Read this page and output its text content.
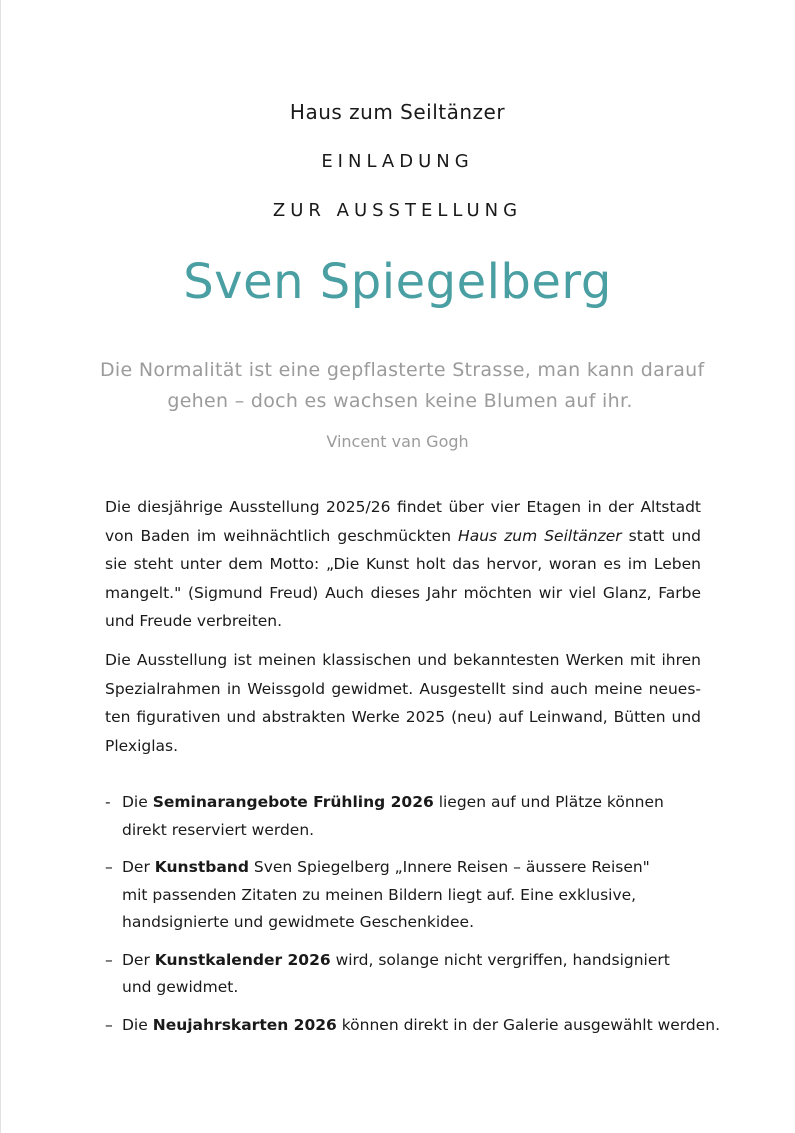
Haus zum Seiltänzer
EINLADUNG
ZUR AUSSTELLUNG
Sven Spiegelberg
Die Normalität ist eine gepflasterte Strasse, man kann darauf
gehen – doch es wachsen keine Blumen auf ihr.
Vincent van Gogh
Die diesjährige Ausstellung 2025/26 findet über vier Etagen in der Altstadt
von Baden im weihnächtlich geschmückten Haus zum Seiltänzer statt und
sie steht unter dem Motto: „Die Kunst holt das hervor, woran es im Leben
mangelt." (Sigmund Freud) Auch dieses Jahr möchten wir viel Glanz, Farbe
und Freude verbreiten.
Die Ausstellung ist meinen klassischen und bekanntesten Werken mit ihren
Spezialrahmen in Weissgold gewidmet. Ausgestellt sind auch meine neues-
ten figurativen und abstrakten Werke 2025 (neu) auf Leinwand, Bütten und
Plexiglas.
- Die Seminarangebote Frühling 2026 liegen auf und Plätze können
direkt reserviert werden.
– Der Kunstband Sven Spiegelberg „Innere Reisen – äussere Reisen"
mit passenden Zitaten zu meinen Bildern liegt auf. Eine exklusive,
handsignierte und gewidmete Geschenkidee.
– Der Kunstkalender 2026 wird, solange nicht vergriffen, handsigniert
und gewidmet.
– Die Neujahrskarten 2026 können direkt in der Galerie ausgewählt werden.
